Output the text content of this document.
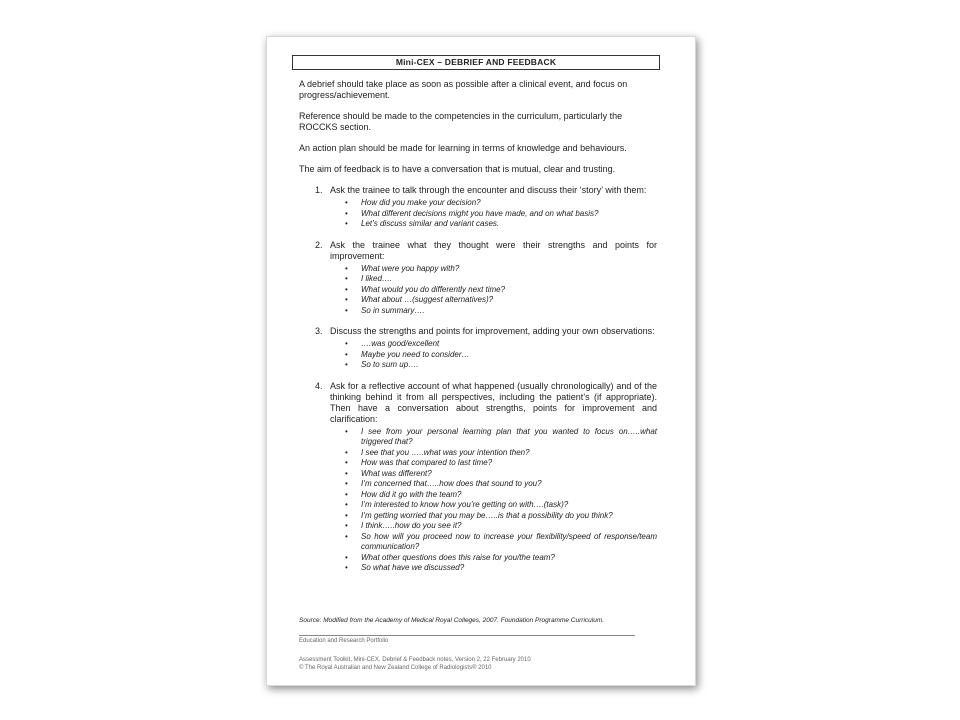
Mini-CEX – DEBRIEF AND FEEDBACK

A debrief should take place as soon as possible after a clinical event, and focus on progress/achievement.

Reference should be made to the competencies in the curriculum, particularly the ROCCKS section.

An action plan should be made for learning in terms of knowledge and behaviours.

The aim of feedback is to have a conversation that is mutual, clear and trusting.

1. Ask the trainee to talk through the encounter and discuss their ‘story’ with them:
• How did you make your decision?
• What different decisions might you have made, and on what basis?
• Let’s discuss similar and variant cases.
2. Ask the trainee what they thought were their strengths and points for improvement:
• What were you happy with?
• I liked….
• What would you do differently next time?
• What about …(suggest alternatives)?
• So in summary….
3. Discuss the strengths and points for improvement, adding your own observations:
• ….was good/excellent
• Maybe you need to consider…
• So to sum up….
4. Ask for a reflective account of what happened (usually chronologically) and of the thinking behind it from all perspectives, including the patient’s (if appropriate). Then have a conversation about strengths, points for improvement and clarification:
• I see from your personal learning plan that you wanted to focus on…..what triggered that?
• I see that you …..what was your intention then?
• How was that compared to last time?
• What was different?
• I’m concerned that…..how does that sound to you?
• How did it go with the team?
• I’m interested to know how you’re getting on with….(task)?
• I’m getting worried that you may be…..is that a possibility do you think?
• I think…..how do you see it?
• So how will you proceed now to increase your flexibility/speed of response/team communication?
• What other questions does this raise for you/the team?
• So what have we discussed?
Source: Modified from the Academy of Medical Royal Colleges, 2007. Foundation Programme Curriculum.
Education and Research Portfolio
Assessment Toolkit, Mini-CEX, Debrief & Feedback notes, Version 2, 22 February 2010
© The Royal Australian and New Zealand College of Radiologists® 2010
